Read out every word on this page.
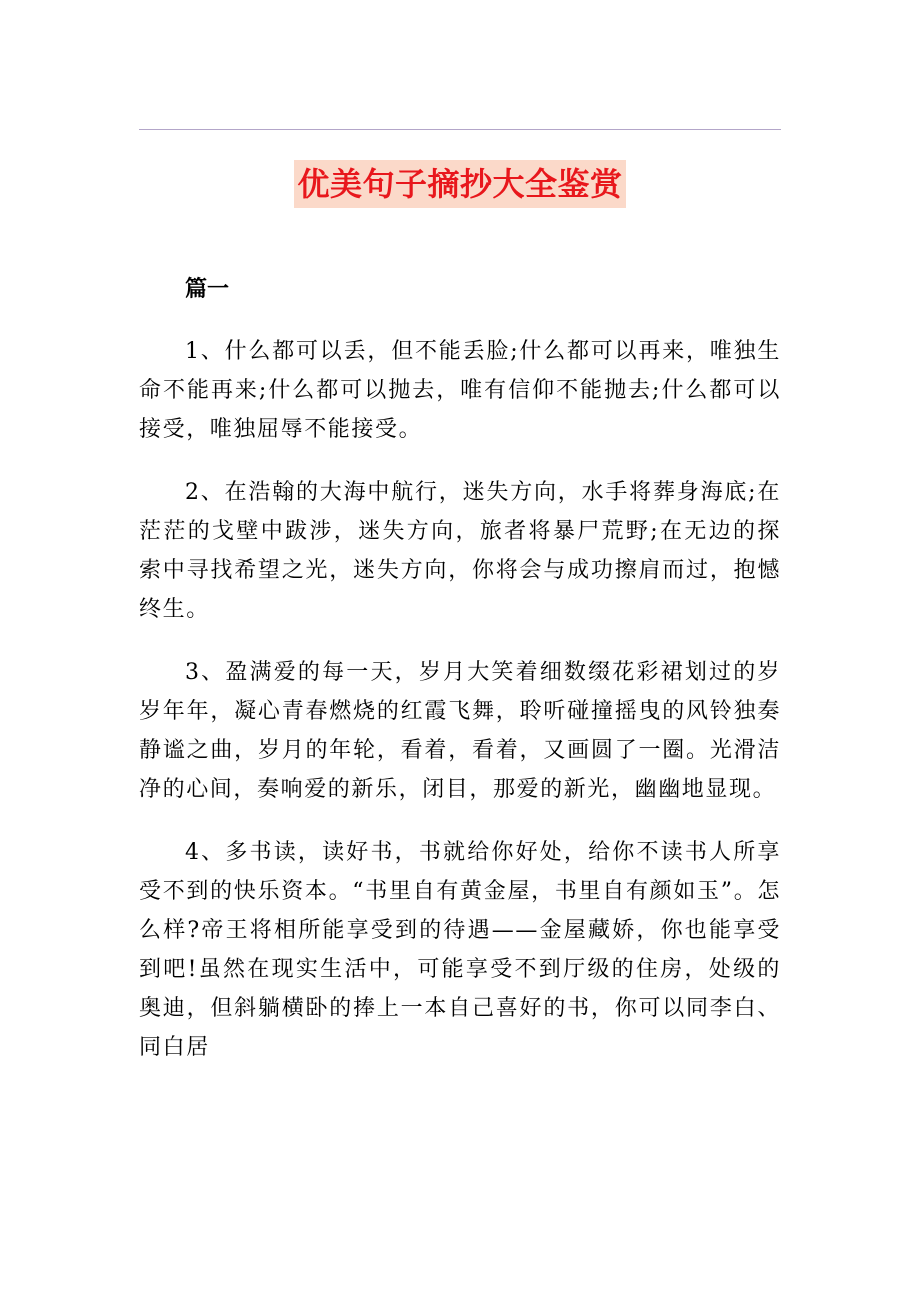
优美句子摘抄大全鉴赏

篇一

1、什么都可以丢，但不能丢脸;什么都可以再来，唯独生命不能再来;什么都可以抛去，唯有信仰不能抛去;什么都可以接受，唯独屈辱不能接受。

2、在浩翰的大海中航行，迷失方向，水手将葬身海底;在茫茫的戈壁中跋涉，迷失方向，旅者将暴尸荒野;在无边的探索中寻找希望之光，迷失方向，你将会与成功擦肩而过，抱憾终生。

3、盈满爱的每一天，岁月大笑着细数缀花彩裙划过的岁岁年年，凝心青春燃烧的红霞飞舞，聆听碰撞摇曳的风铃独奏静谧之曲，岁月的年轮，看着，看着，又画圆了一圈。光滑洁净的心间，奏响爱的新乐，闭目，那爱的新光，幽幽地显现。

4、多书读，读好书，书就给你好处，给你不读书人所享受不到的快乐资本。“书里自有黄金屋，书里自有颜如玉”。怎么样?帝王将相所能享受到的待遇——金屋藏娇，你也能享受到吧!虽然在现实生活中，可能享受不到厅级的住房，处级的奥迪，但斜躺横卧的捧上一本自己喜好的书，你可以同李白、同白居
